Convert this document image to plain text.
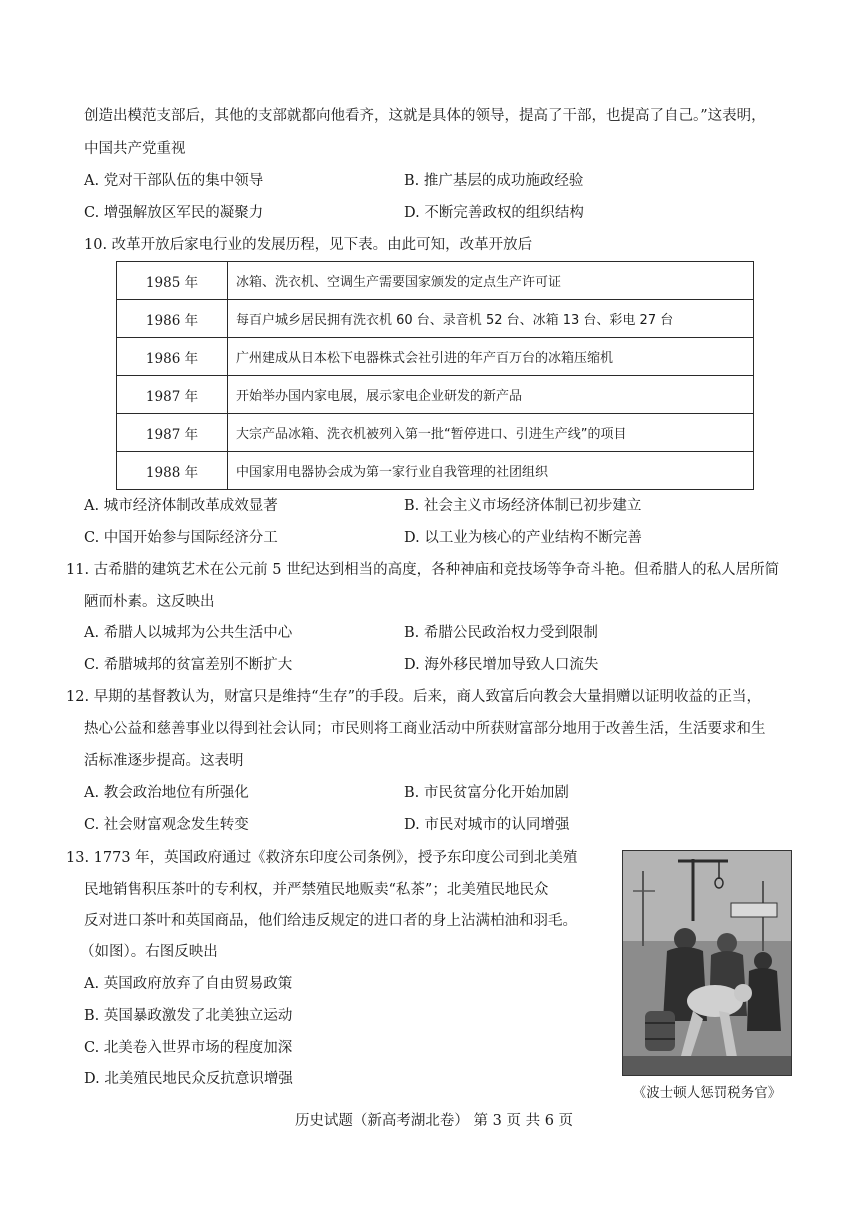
创造出模范支部后，其他的支部就都向他看齐，这就是具体的领导，提高了干部，也提高了自己。”这表明，
中国共产党重视
A. 党对干部队伍的集中领导	B. 推广基层的成功施政经验
C. 增强解放区军民的凝聚力	D. 不断完善政权的组织结构
10. 改革开放后家电行业的发展历程，见下表。由此可知，改革开放后
1985 年	冰箱、洗衣机、空调生产需要国家颁发的定点生产许可证
1986 年	每百户城乡居民拥有洗衣机 60 台、录音机 52 台、冰箱 13 台、彩电 27 台
1986 年	广州建成从日本松下电器株式会社引进的年产百万台的冰箱压缩机
1987 年	开始举办国内家电展，展示家电企业研发的新产品
1987 年	大宗产品冰箱、洗衣机被列入第一批“暂停进口、引进生产线”的项目
1988 年	中国家用电器协会成为第一家行业自我管理的社团组织
A. 城市经济体制改革成效显著	B. 社会主义市场经济体制已初步建立
C. 中国开始参与国际经济分工	D. 以工业为核心的产业结构不断完善
11. 古希腊的建筑艺术在公元前 5 世纪达到相当的高度，各种神庙和竞技场等争奇斗艳。但希腊人的私人居所简
陋而朴素。这反映出
A. 希腊人以城邦为公共生活中心	B. 希腊公民政治权力受到限制
C. 希腊城邦的贫富差别不断扩大	D. 海外移民增加导致人口流失
12. 早期的基督教认为，财富只是维持“生存”的手段。后来，商人致富后向教会大量捐赠以证明收益的正当，
热心公益和慈善事业以得到社会认同；市民则将工商业活动中所获财富部分地用于改善生活，生活要求和生
活标准逐步提高。这表明
A. 教会政治地位有所强化	B. 市民贫富分化开始加剧
C. 社会财富观念发生转变	D. 市民对城市的认同增强
13. 1773 年，英国政府通过《救济东印度公司条例》，授予东印度公司到北美殖
民地销售积压茶叶的专利权，并严禁殖民地贩卖“私茶”；北美殖民地民众
反对进口茶叶和英国商品，他们给违反规定的进口者的身上沾满柏油和羽毛。
（如图）。右图反映出
A. 英国政府放弃了自由贸易政策
B. 英国暴政激发了北美独立运动
C. 北美卷入世界市场的程度加深
D. 北美殖民地民众反抗意识增强
《波士顿人惩罚税务官》
历史试题（新高考湖北卷） 第 3 页 共 6 页
